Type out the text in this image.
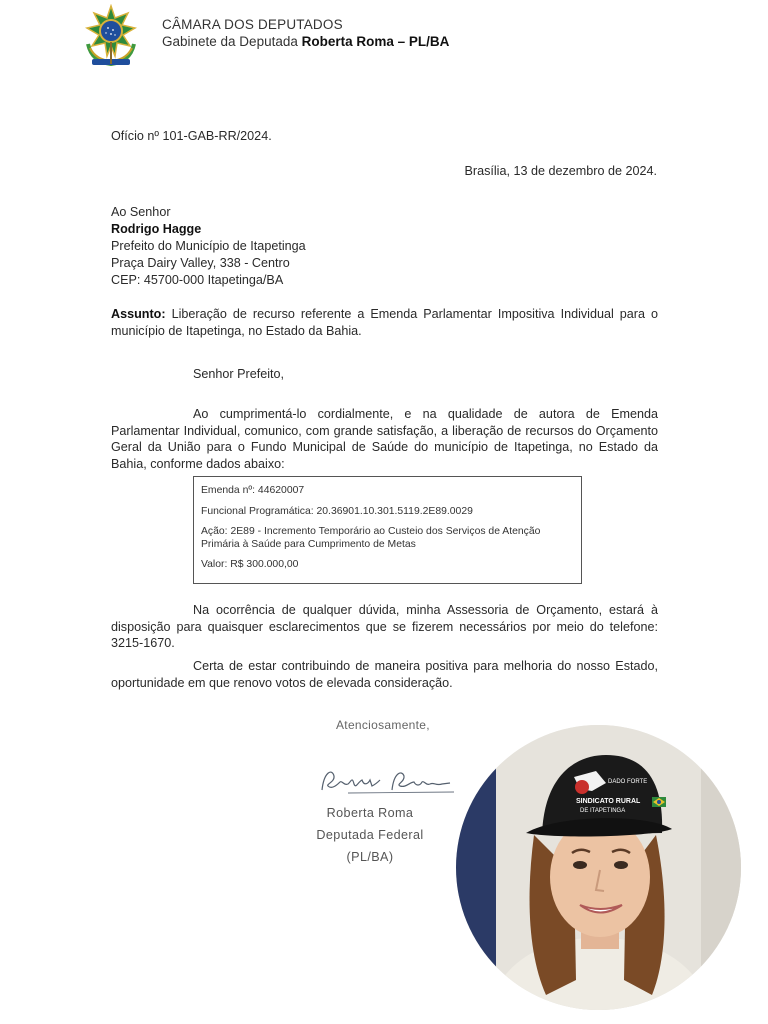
CÂMARA DOS DEPUTADOS
Gabinete da Deputada Roberta Roma – PL/BA
Ofício nº 101-GAB-RR/2024.
Brasília, 13 de dezembro de 2024.
Ao Senhor
Rodrigo Hagge
Prefeito do Município de Itapetinga
Praça Dairy Valley, 338 - Centro
CEP: 45700-000 Itapetinga/BA
Assunto: Liberação de recurso referente a Emenda Parlamentar Impositiva Individual para o município de Itapetinga, no Estado da Bahia.
Senhor Prefeito,
Ao cumprimentá-lo cordialmente, e na qualidade de autora de Emenda Parlamentar Individual, comunico, com grande satisfação, a liberação de recursos do Orçamento Geral da União para o Fundo Municipal de Saúde do município de Itapetinga, no Estado da Bahia, conforme dados abaixo:
Emenda nº: 44620007
Funcional Programática: 20.36901.10.301.5119.2E89.0029
Ação: 2E89 - Incremento Temporário ao Custeio dos Serviços de Atenção Primária à Saúde para Cumprimento de Metas
Valor: R$ 300.000,00
Na ocorrência de qualquer dúvida, minha Assessoria de Orçamento, estará à disposição para quaisquer esclarecimentos que se fizerem necessários por meio do telefone: 3215-1670.
Certa de estar contribuindo de maneira positiva para melhoria do nosso Estado, oportunidade em que renovo votos de elevada consideração.
Atenciosamente,
Roberta Roma
Deputada Federal
(PL/BA)
DADO FORTE
SINDICATO RURAL
DE ITAPETINGA
